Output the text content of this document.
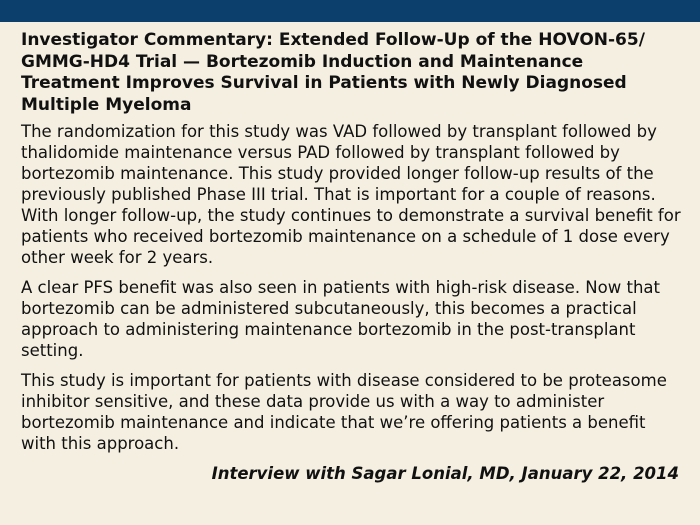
Investigator Commentary: Extended Follow-Up of the HOVON-65/ GMMG-HD4 Trial — Bortezomib Induction and Maintenance Treatment Improves Survival in Patients with Newly Diagnosed Multiple Myeloma

The randomization for this study was VAD followed by transplant followed by thalidomide maintenance versus PAD followed by transplant followed by bortezomib maintenance. This study provided longer follow-up results of the previously published Phase III trial. That is important for a couple of reasons. With longer follow-up, the study continues to demonstrate a survival benefit for patients who received bortezomib maintenance on a schedule of 1 dose every other week for 2 years.

A clear PFS benefit was also seen in patients with high-risk disease. Now that bortezomib can be administered subcutaneously, this becomes a practical approach to administering maintenance bortezomib in the post-transplant setting.

This study is important for patients with disease considered to be proteasome inhibitor sensitive, and these data provide us with a way to administer bortezomib maintenance and indicate that we’re offering patients a benefit with this approach.

Interview with Sagar Lonial, MD, January 22, 2014
